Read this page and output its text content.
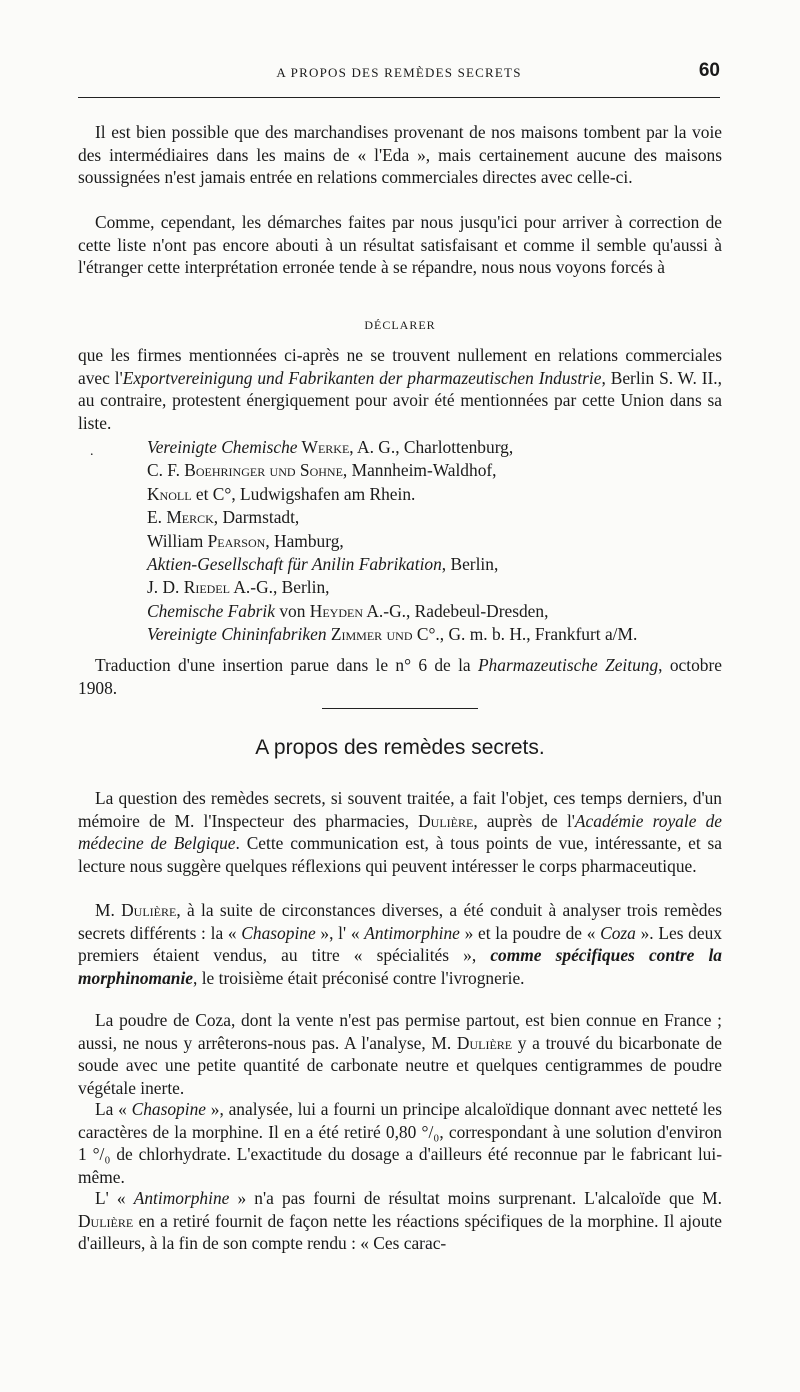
A PROPOS DES REMÈDES SECRETS	60

Il est bien possible que des marchandises provenant de nos maisons tombent par la voie des intermédiaires dans les mains de « l'Eda », mais certainement aucune des maisons soussignées n'est jamais entrée en relations commerciales directes avec celle-ci.

Comme, cependant, les démarches faites par nous jusqu'ici pour arriver à correction de cette liste n'ont pas encore abouti à un résultat satisfaisant et comme il semble qu'aussi à l'étranger cette interprétation erronée tende à se répandre, nous nous voyons forcés à

DÉCLARER

que les firmes mentionnées ci-après ne se trouvent nullement en relations commerciales avec l'Exportvereinigung und Fabrikanten der pharmazeutischen Industrie, Berlin S. W. II., au contraire, protestent énergiquement pour avoir été mentionnées par cette Union dans sa liste.

.	Vereinigte Chemische Werke, A. G., Charlottenburg,
C. F. Boehringer und Sohne, Mannheim-Waldhof,
Knoll et C°, Ludwigshafen am Rhein.
E. Merck, Darmstadt,
William Pearson, Hamburg,
Aktien-Gesellschaft für Anilin Fabrikation, Berlin,
J. D. Riedel A.-G., Berlin,
Chemische Fabrik von Heyden A.-G., Radebeul-Dresden,
Vereinigte Chininfabriken Zimmer und C°., G. m. b. H., Frankfurt a/M.

Traduction d'une insertion parue dans le n° 6 de la Pharmazeutische Zeitung, octobre 1908.

A propos des remèdes secrets.

La question des remèdes secrets, si souvent traitée, a fait l'objet, ces temps derniers, d'un mémoire de M. l'Inspecteur des pharmacies, Dulière, auprès de l'Académie royale de médecine de Belgique. Cette communication est, à tous points de vue, intéressante, et sa lecture nous suggère quelques réflexions qui peuvent intéresser le corps pharmaceutique.

M. Dulière, à la suite de circonstances diverses, a été conduit à analyser trois remèdes secrets différents : la « Chasopine », l' « Antimorphine » et la poudre de « Coza ». Les deux premiers étaient vendus, au titre « spécialités », comme spécifiques contre la morphinomanie, le troisième était préconisé contre l'ivrognerie.

La poudre de Coza, dont la vente n'est pas permise partout, est bien connue en France ; aussi, ne nous y arrêterons-nous pas. A l'analyse, M. Dulière y a trouvé du bicarbonate de soude avec une petite quantité de carbonate neutre et quelques centigrammes de poudre végétale inerte.

La « Chasopine », analysée, lui a fourni un principe alcaloïdique donnant avec netteté les caractères de la morphine. Il en a été retiré 0,80 °/₀, correspondant à une solution d'environ 1 °/₀ de chlorhydrate. L'exactitude du dosage a d'ailleurs été reconnue par le fabricant lui-même.

L' « Antimorphine » n'a pas fourni de résultat moins surprenant. L'alcaloïde que M. Dulière en a retiré fournit de façon nette les réactions spécifiques de la morphine. Il ajoute d'ailleurs, à la fin de son compte rendu : « Ces carac-
